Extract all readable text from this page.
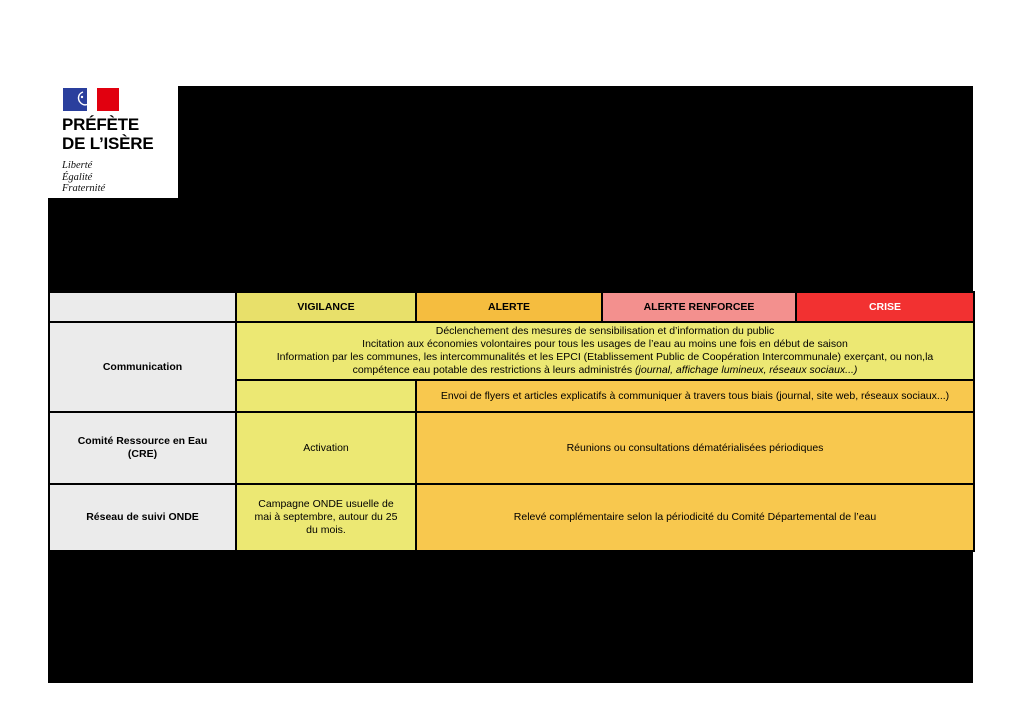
PRÉFÈTE
DE L’ISÈRE
Liberté
Égalité
Fraternité
	VIGILANCE	ALERTE	ALERTE RENFORCEE	CRISE
Communication	Déclenchement des mesures de sensibilisation et d’information du public
Incitation aux économies volontaires pour tous les usages de l’eau au moins une fois en début de saison
Information par les communes, les intercommunalités et les EPCI (Etablissement Public de Coopération Intercommunale) exerçant, ou non,la
compétence eau potable des restrictions à leurs administrés (journal, affichage lumineux, réseaux sociaux...)			

		Envoi de flyers et articles explicatifs à communiquer à travers tous biais (journal, site web, réseaux sociaux...)		
Comité Ressource en Eau
(CRE)	Activation	Réunions ou consultations dématérialisées périodiques		
Réseau de suivi ONDE	Campagne ONDE usuelle de mai à septembre, autour du 25 du mois.	Relevé complémentaire selon la périodicité du Comité Départemental de l’eau		
